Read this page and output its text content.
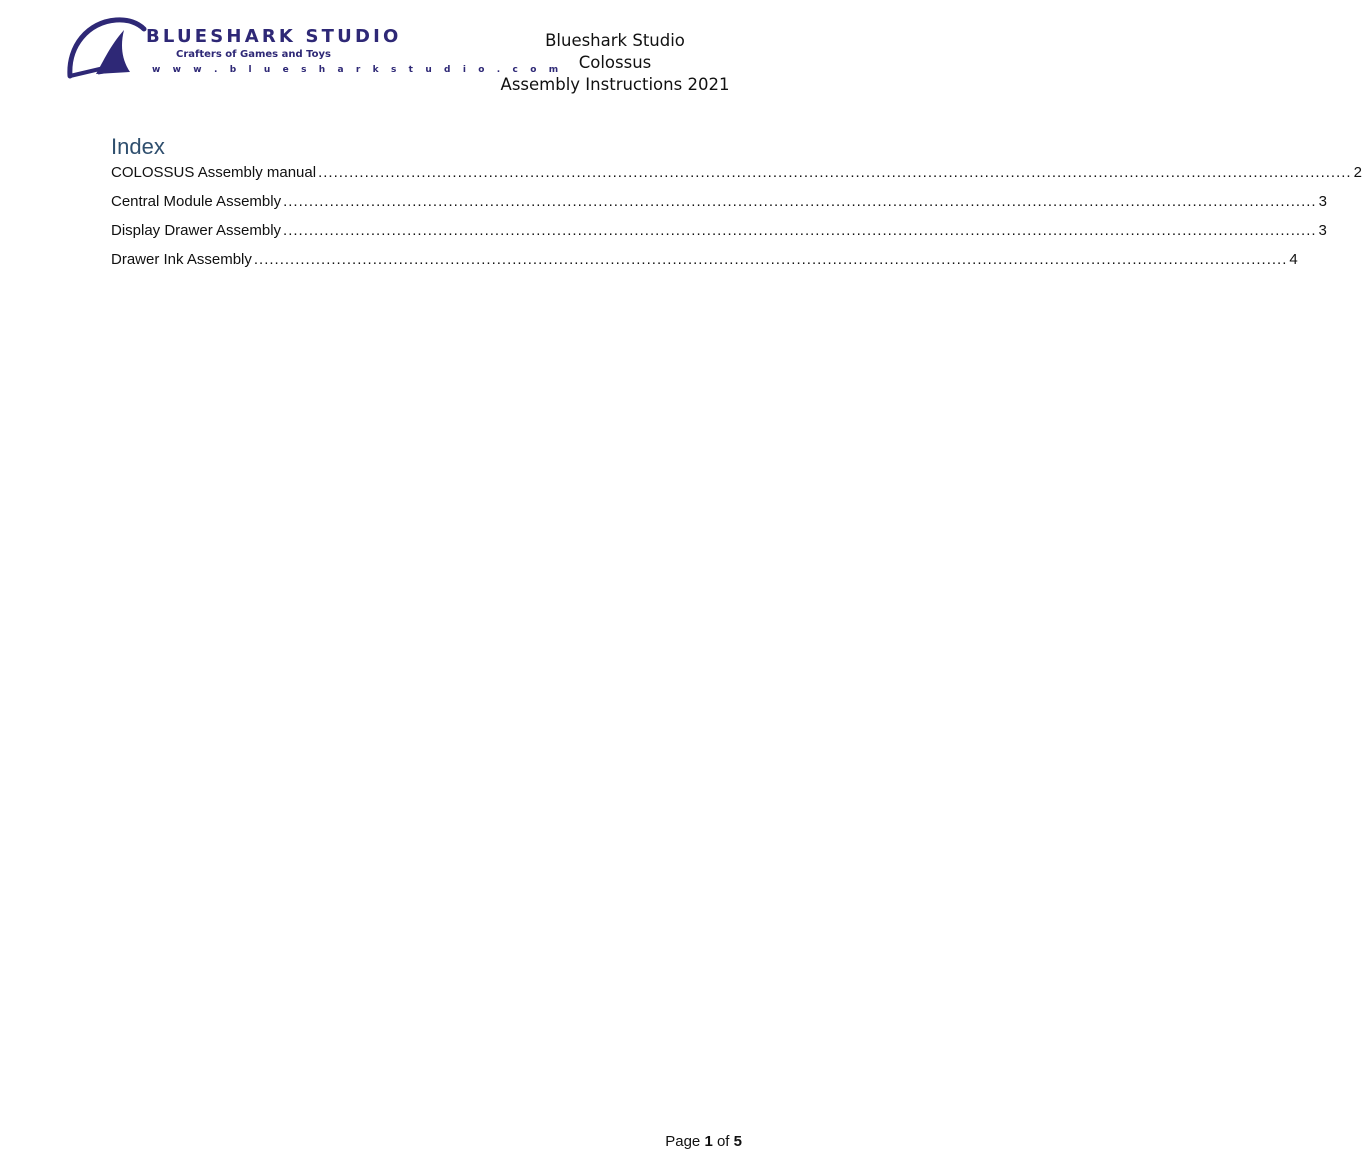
BLUESHARK STUDIO
Crafters of Games and Toys
w w w . b l u e s h a r k s t u d i o . c o m
Blueshark Studio
Colossus
Assembly Instructions 2021
Index
COLOSSUS Assembly manual ........................................................................................................................................................................................................ 2
Central Module Assembly ........................................................................................................................................................................................................ 3
Display Drawer Assembly ........................................................................................................................................................................................................ 3
Drawer Ink Assembly ........................................................................................................................................................................................................ 4
Page 1 of 5
